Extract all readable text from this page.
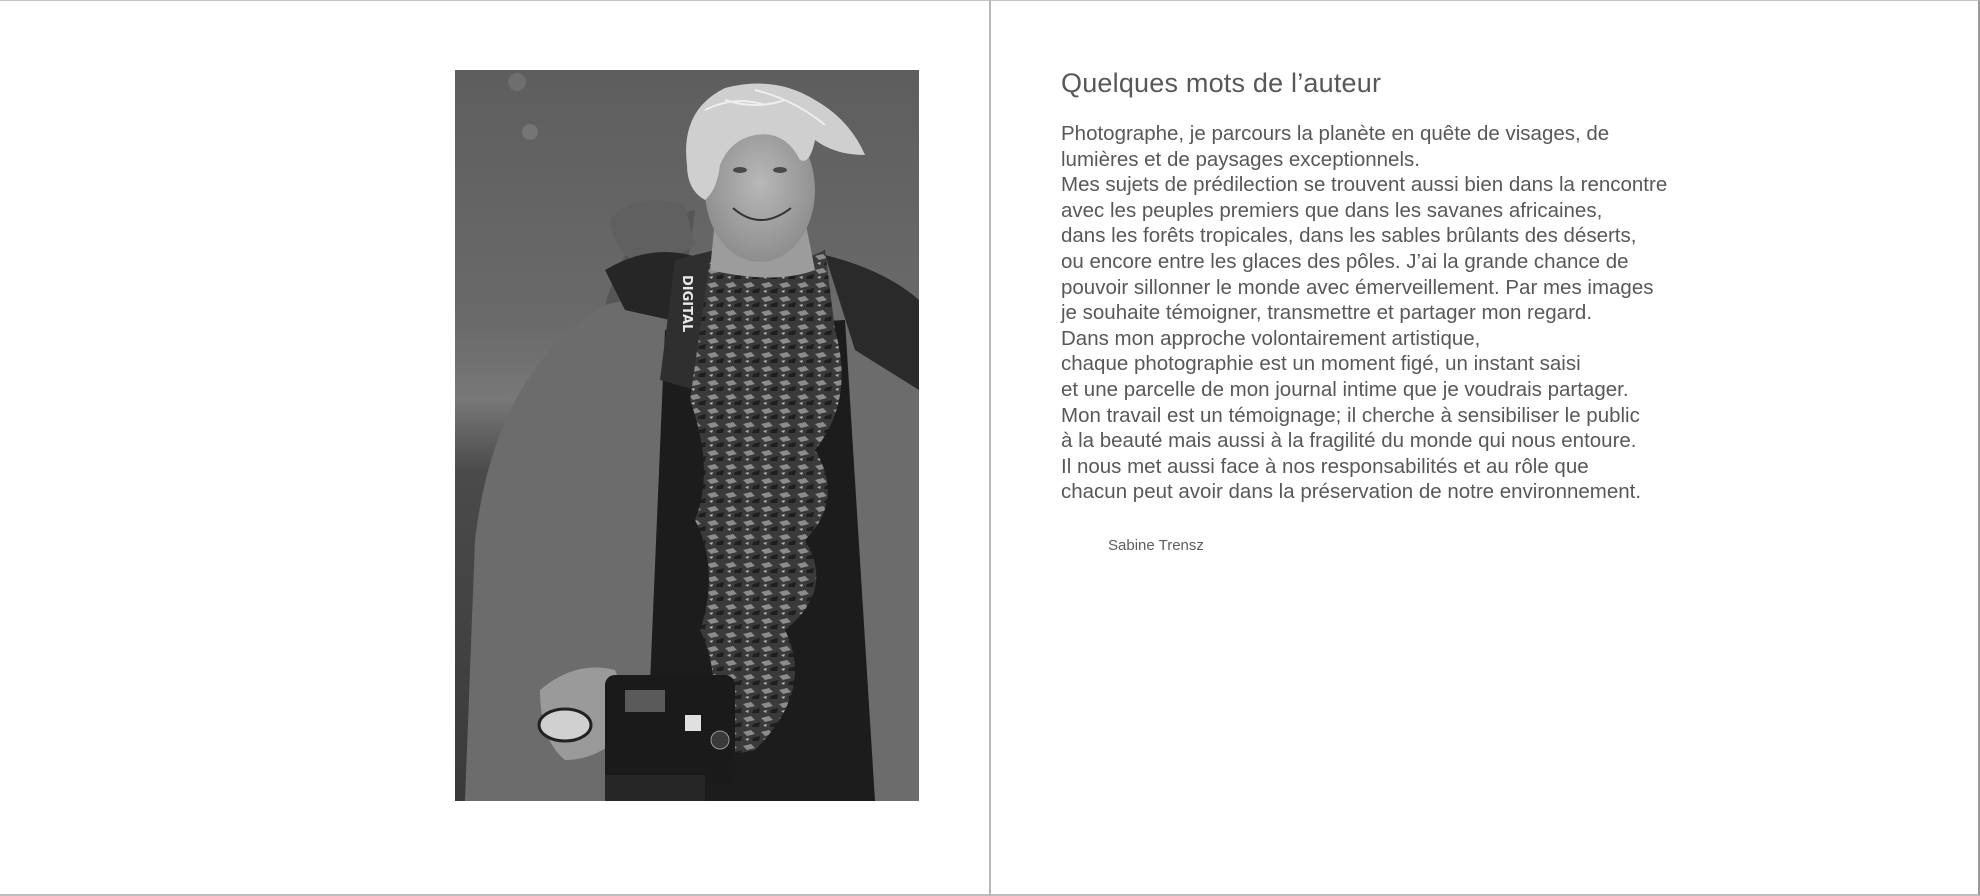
DIGITAL
Quelques mots de l’auteur
Photographe, je parcours la planète en quête de visages, de
lumières et de paysages exceptionnels.
Mes sujets de prédilection se trouvent aussi bien dans la rencontre
avec les peuples premiers que dans les savanes africaines,
dans les forêts tropicales, dans les sables brûlants des déserts,
ou encore entre les glaces des pôles. J’ai la grande chance de
pouvoir sillonner le monde avec émerveillement. Par mes images
je souhaite témoigner, transmettre et partager mon regard.
Dans mon approche volontairement artistique,
chaque photographie est un moment figé, un instant saisi
et une parcelle de mon journal intime que je voudrais partager.
Mon travail est un témoignage; il cherche à sensibiliser le public
à la beauté mais aussi à la fragilité du monde qui nous entoure.
Il nous met aussi face à nos responsabilités et au rôle que
chacun peut avoir dans la préservation de notre environnement.
Sabine Trensz
